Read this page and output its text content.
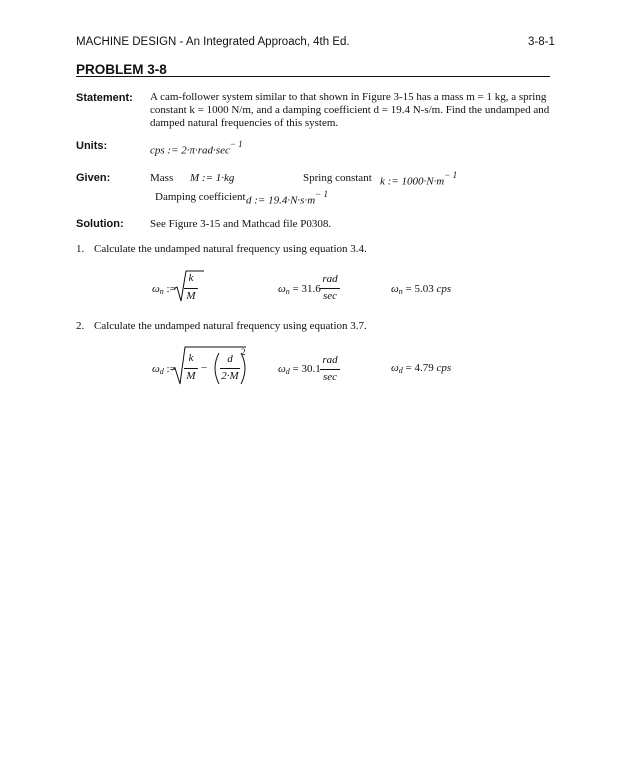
MACHINE DESIGN - An Integrated Approach, 4th Ed.	3-8-1
PROBLEM 3-8
Statement: A cam-follower system similar to that shown in Figure 3-15 has a mass m = 1 kg, a spring
constant k = 1000 N/m, and a damping coefficient d = 19.4 N-s/m. Find the undamped and
damped natural frequencies of this system.
Units:	cps := $2\cdot\pi\cdot rad\cdot\sec^{- 1}$
Given:	Mass M := 1·kg	Spring constant k := $1000\cdot N\cdot m^{- 1}$
Damping coefficient d := $19.4\cdot N\cdot s\cdot m^{- 1}$
Solution: See Figure 3-15 and Mathcad file P0308.
1. Calculate the undamped natural frequency using equation 3.4.
ωn :=
k
M
ωn = 31.6
rad
sec
ωn = 5.03 cps
2. Calculate the undamped natural frequency using equation 3.7.
ωd :=
k
M
−
d
2·M
2
ωd = 30.1
rad
sec
ωd = 4.79 cps
